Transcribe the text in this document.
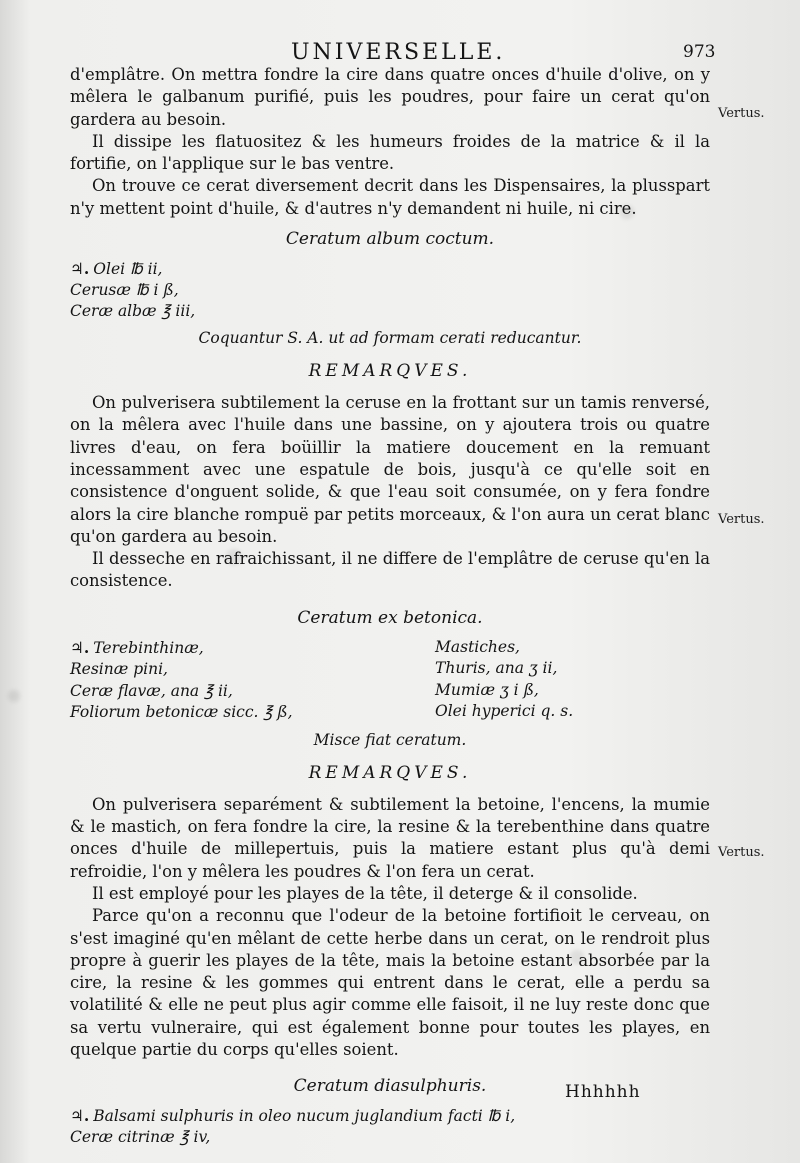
UNIVERSELLE.	973
Vertus.
Vertus.
Vertus.

d'emplâtre. On mettra fondre la cire dans quatre onces d'huile d'olive, on y mêlera le galbanum purifié, puis les poudres, pour faire un cerat qu'on gardera au besoin.

Il dissipe les flatuositez & les humeurs froides de la matrice & il la fortifie, on l'applique sur le bas ventre.

On trouve ce cerat diversement decrit dans les Dispensaires, la plusspart n'y mettent point d'huile, & d'autres n'y demandent ni huile, ni cire.

Ceratum album coctum.
♃. Olei ℔ ii,
Cerusæ ℔ i ß,
Ceræ albæ ℥ iii,
Coquantur S. A. ut ad formam cerati reducantur.
REMARQVES.

On pulverisera subtilement la ceruse en la frottant sur un tamis renversé, on la mêlera avec l'huile dans une bassine, on y ajoutera trois ou quatre livres d'eau, on fera boüillir la matiere doucement en la remuant incessamment avec une espatule de bois, jusqu'à ce qu'elle soit en consistence d'onguent solide, & que l'eau soit consumée, on y fera fondre alors la cire blanche rompuë par petits morceaux, & l'on aura un cerat blanc qu'on gardera au besoin.

Il desseche en rafraichissant, il ne differe de l'emplâtre de ceruse qu'en la consistence.

Ceratum ex betonica.
♃. Terebinthinæ,
Resinæ pini,
Ceræ flavæ, ana ℥ ii,
Foliorum betonicæ sicc. ℥ ß,
Mastiches,
Thuris, ana ʒ ii,
Mumiæ ʒ i ß,
Olei hyperici q. s.
Misce fiat ceratum.
REMARQVES.

On pulverisera separément & subtilement la betoine, l'encens, la mumie & le mastich, on fera fondre la cire, la resine & la terebenthine dans quatre onces d'huile de millepertuis, puis la matiere estant plus qu'à demi refroidie, l'on y mêlera les poudres & l'on fera un cerat.

Il est employé pour les playes de la tête, il deterge & il consolide.

Parce qu'on a reconnu que l'odeur de la betoine fortifioit le cerveau, on s'est imaginé qu'en mêlant de cette herbe dans un cerat, on le rendroit plus propre à guerir les playes de la tête, mais la betoine estant absorbée par la cire, la resine & les gommes qui entrent dans le cerat, elle a perdu sa volatilité & elle ne peut plus agir comme elle faisoit, il ne luy reste donc que sa vertu vulneraire, qui est également bonne pour toutes les playes, en quelque partie du corps qu'elles soient.

Ceratum diasulphuris.
♃. Balsami sulphuris in oleo nucum juglandium facti ℔ i,
Ceræ citrinæ ℥ iv,
Hhhhhh
